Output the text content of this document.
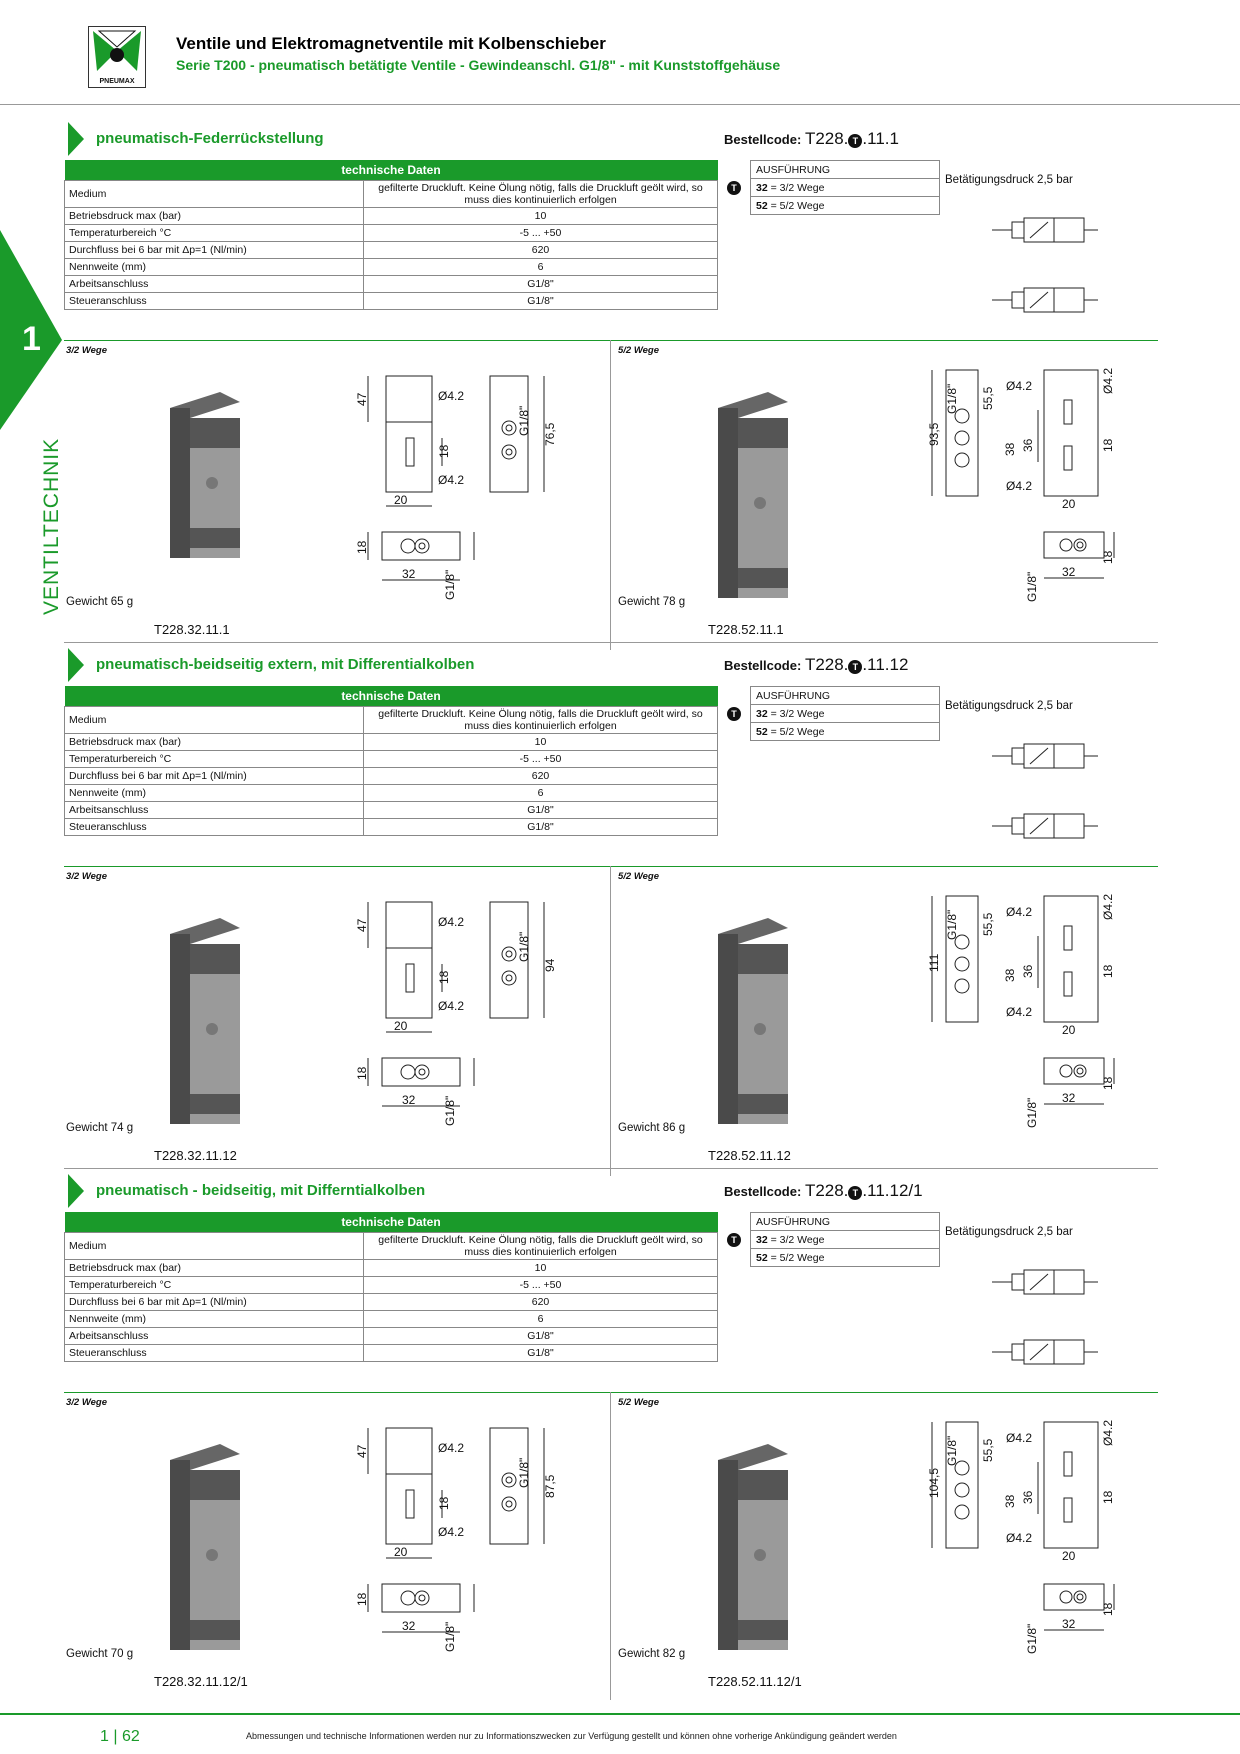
PNEUMAX
Ventile und Elektromagnetventile mit Kolbenschieber
Serie T200 - pneumatisch betätigte Ventile - Gewindeanschl. G1/8" - mit Kunststoffgehäuse
1
VENTILTECHNIK
pneumatisch-Federrückstellung	Bestellcode: T228. T .11.1
technische Daten	
Medium	gefilterte Druckluft. Keine Ölung nötig, falls die Druckluft geölt wird, so muss dies kontinuierlich erfolgen
Betriebsdruck max (bar)	10
Temperaturbereich °C	-5 ... +50
Durchfluss bei 6 bar mit Δp=1 (Nl/min)	620
Nennweite (mm)	6
Arbeitsanschluss	G1/8"
Steueranschluss	G1/8"
T
AUSFÜHRUNG
32 = 3/2 Wege
52 = 5/2 Wege
Betätigungsdruck 2,5 bar
3/2 Wege	5/2 Wege
Ø4.2
Ø4.2
20
32
47
18
G1/8" 76,5
18
G1/8"
Ø4.2
Ø4.2
20
32
93,5
G1/8" 55,5
38 36
Ø4.2
18
18
G1/8"
Gewicht 65 g	Gewicht 78 g
T228.32.11.1	T228.52.11.1
pneumatisch-beidseitig extern, mit Differentialkolben	Bestellcode: T228. T .11.12
technische Daten	
Medium	gefilterte Druckluft. Keine Ölung nötig, falls die Druckluft geölt wird, so muss dies kontinuierlich erfolgen
Betriebsdruck max (bar)	10
Temperaturbereich °C	-5 ... +50
Durchfluss bei 6 bar mit Δp=1 (Nl/min)	620
Nennweite (mm)	6
Arbeitsanschluss	G1/8"
Steueranschluss	G1/8"
T
AUSFÜHRUNG
32 = 3/2 Wege
52 = 5/2 Wege
Betätigungsdruck 2,5 bar
3/2 Wege	5/2 Wege
Ø4.2
Ø4.2
20
32
47
18
G1/8"
94
18
G1/8"
Ø4.2
Ø4.2
20
32
111
G1/8" 55,5
38 36
Ø4.2
18
18
G1/8"
Gewicht 74 g	Gewicht 86 g
T228.32.11.12	T228.52.11.12
pneumatisch - beidseitig, mit Differntialkolben	Bestellcode: T228. T .11.12/1
technische Daten	
Medium	gefilterte Druckluft. Keine Ölung nötig, falls die Druckluft geölt wird, so muss dies kontinuierlich erfolgen
Betriebsdruck max (bar)	10
Temperaturbereich °C	-5 ... +50
Durchfluss bei 6 bar mit Δp=1 (Nl/min)	620
Nennweite (mm)	6
Arbeitsanschluss	G1/8"
Steueranschluss	G1/8"
T
AUSFÜHRUNG
32 = 3/2 Wege
52 = 5/2 Wege
Betätigungsdruck 2,5 bar
3/2 Wege	5/2 Wege
Ø4.2
Ø4.2
20
32
47
18
G1/8" 87,5
18
G1/8"
Ø4.2
Ø4.2
20
32
104,5
G1/8" 55,5
38 36
Ø4.2
18
18
G1/8"
Gewicht 70 g	Gewicht 82 g
T228.32.11.12/1	T228.52.11.12/1
1 | 62	Abmessungen und technische Informationen werden nur zu Informationszwecken zur Verfügung gestellt und können ohne vorherige Ankündigung geändert werden
